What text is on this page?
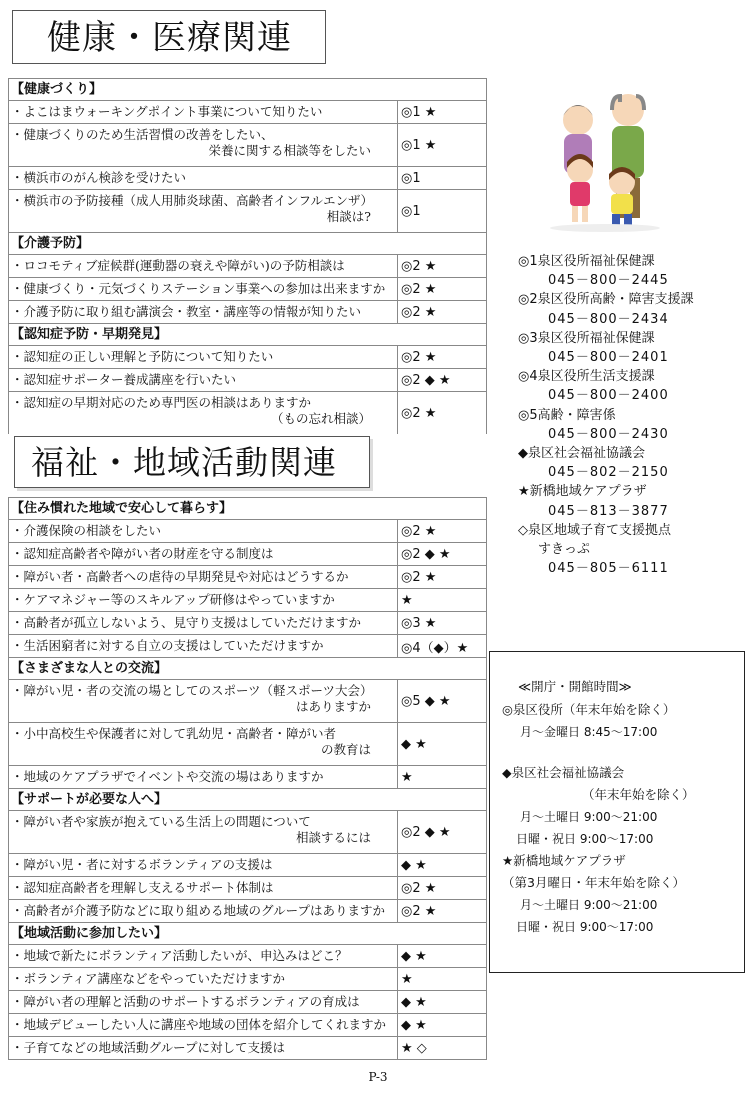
健康・医療関連
【健康づくり】
・よこはまウォーキングポイント事業について知りたい	◎1 ★
・健康づくりのため生活習慣の改善をしたい、
栄養に関する相談等をしたい	◎1 ★
・横浜市のがん検診を受けたい	◎1
・横浜市の予防接種（成人用肺炎球菌、高齢者インフルエンザ）
相談は?	◎1
【介護予防】
・ロコモティブ症候群(運動器の衰えや障がい)の予防相談は	◎2 ★
・健康づくり・元気づくりステーション事業への参加は出来ますか	◎2 ★
・介護予防に取り組む講演会・教室・講座等の情報が知りたい	◎2 ★
【認知症予防・早期発見】
・認知症の正しい理解と予防について知りたい	◎2 ★
・認知症サポーター養成講座を行いたい	◎2 ◆ ★
・認知症の早期対応のため専門医の相談はありますか
（もの忘れ相談）	◎2 ★
福祉・地域活動関連
【住み慣れた地域で安心して暮らす】
・介護保険の相談をしたい	◎2 ★
・認知症高齢者や障がい者の財産を守る制度は	◎2 ◆ ★
・障がい者・高齢者への虐待の早期発見や対応はどうするか	◎2 ★
・ケアマネジャー等のスキルアップ研修はやっていますか	★
・高齢者が孤立しないよう、見守り支援はしていただけますか	◎3 ★
・生活困窮者に対する自立の支援はしていただけますか	◎4（◆）★
【さまざまな人との交流】
・障がい児・者の交流の場としてのスポーツ（軽スポーツ大会）
はありますか	◎5 ◆ ★
・小中高校生や保護者に対して乳幼児・高齢者・障がい者
の教育は	◆ ★
・地域のケアプラザでイベントや交流の場はありますか	★
【サポートが必要な人へ】
・障がい者や家族が抱えている生活上の問題について
相談するには	◎2 ◆ ★
・障がい児・者に対するボランティアの支援は	◆ ★
・認知症高齢者を理解し支えるサポート体制は	◎2 ★
・高齢者が介護予防などに取り組める地域のグループはありますか	◎2 ★
【地域活動に参加したい】
・地域で新たにボランティア活動したいが、申込みはどこ？	◆ ★
・ボランティア講座などをやっていただけますか	★
・障がい者の理解と活動のサポートするボランティアの育成は	◆ ★
・地域デビューしたい人に講座や地域の団体を紹介してくれますか	◆ ★
・子育てなどの地域活動グループに対して支援は	★ ◇
◎1泉区役所福祉保健課
045－800－2445
◎2泉区役所高齢・障害支援課
045－800－2434
◎3泉区役所福祉保健課
045－800－2401
◎4泉区役所生活支援課
045－800－2400
◎5高齢・障害係
045－800－2430
◆泉区社会福祉協議会
045－802－2150
★新橋地域ケアプラザ
045－813－3877
◇泉区地域子育て支援拠点
すきっぷ
045－805－6111
≪開庁・開館時間≫
◎泉区役所（年末年始を除く）
月～金曜日 8:45～17:00
◆泉区社会福祉協議会
（年末年始を除く）
月～土曜日 9:00～21:00
日曜・祝日 9:00～17:00
★新橋地域ケアプラザ
（第3月曜日・年末年始を除く）
月～土曜日 9:00～21:00
日曜・祝日 9:00～17:00
P-3
